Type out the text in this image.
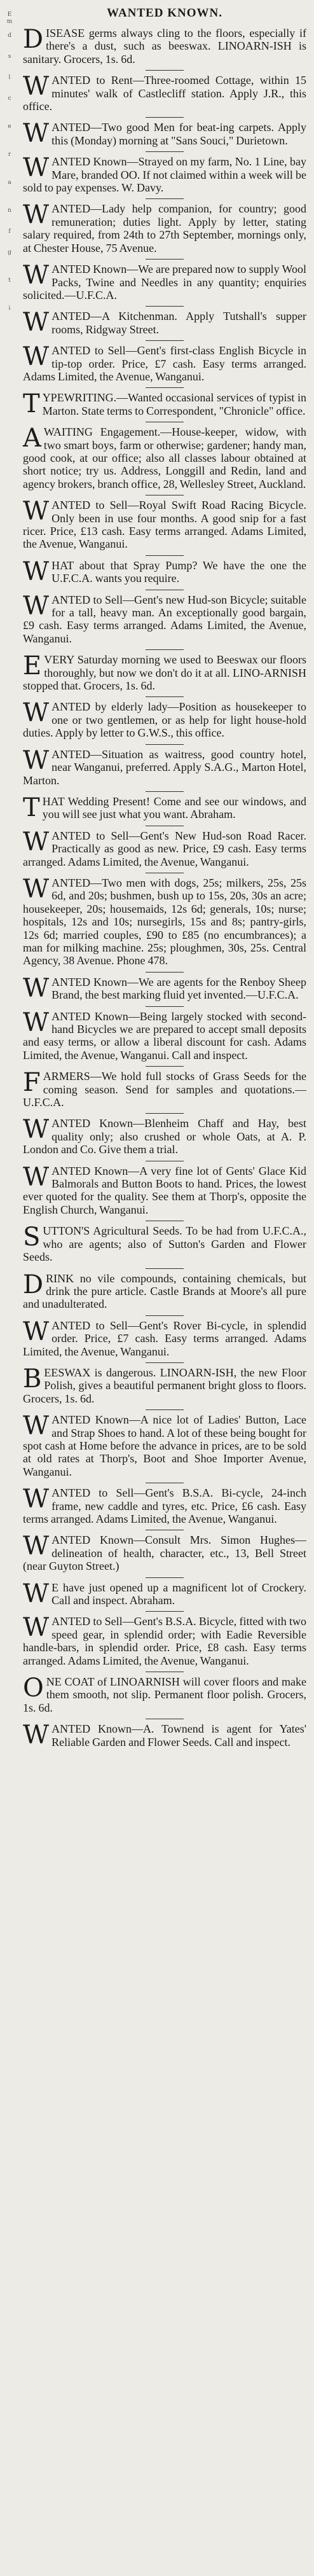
E
m

d

s

l

c

e

r

a

n

f

g

t

i
WANTED KNOWN.
DISEASE germs always cling to the floors, especially if there's a dust, such as beeswax. LINOARN-ISH is sanitary. Grocers, 1s. 6d.
WANTED to Rent—Three-roomed Cottage, within 15 minutes' walk of Castlecliff station. Apply J.R., this office.
WANTED—Two good Men for beat-ing carpets. Apply this (Monday) morning at "Sans Souci," Durietown.
WANTED Known—Strayed on my farm, No. 1 Line, bay Mare, branded OO. If not claimed within a week will be sold to pay expenses. W. Davy.
WANTED—Lady help companion, for country; good remuneration; duties light. Apply by letter, stating salary required, from 24th to 27th September, mornings only, at Chester House, 75 Avenue.
WANTED Known—We are prepared now to supply Wool Packs, Twine and Needles in any quantity; enquiries solicited.—U.F.C.A.
WANTED—A Kitchenman. Apply Tutshall's supper rooms, Ridgway Street.
WANTED to Sell—Gent's first-class English Bicycle in tip-top order. Price, £7 cash. Easy terms arranged. Adams Limited, the Avenue, Wanganui.
TYPEWRITING.—Wanted occasional services of typist in Marton. State terms to Correspondent, "Chronicle" office.
AWAITING Engagement.—House-keeper, widow, with two smart boys, farm or otherwise; gardener; handy man, good cook, at our office; also all classes labour obtained at short notice; try us. Address, Longgill and Redin, land and agency brokers, branch office, 28, Wellesley Street, Auckland.
WANTED to Sell—Royal Swift Road Racing Bicycle. Only been in use four months. A good snip for a fast ricer. Price, £13 cash. Easy terms arranged. Adams Limited, the Avenue, Wanganui.
WHAT about that Spray Pump? We have the one the U.F.C.A. wants you require.
WANTED to Sell—Gent's new Hud-son Bicycle; suitable for a tall, heavy man. An exceptionally good bargain, £9 cash. Easy terms arranged. Adams Limited, the Avenue, Wanganui.
EVERY Saturday morning we used to Beeswax our floors thoroughly, but now we don't do it at all. LINO-ARNISH stopped that. Grocers, 1s. 6d.
WANTED by elderly lady—Position as housekeeper to one or two gentlemen, or as help for light house-hold duties. Apply by letter to G.W.S., this office.
WANTED—Situation as waitress, good country hotel, near Wanganui, preferred. Apply S.A.G., Marton Hotel, Marton.
THAT Wedding Present! Come and see our windows, and you will see just what you want. Abraham.
WANTED to Sell—Gent's New Hud-son Road Racer. Practically as good as new. Price, £9 cash. Easy terms arranged. Adams Limited, the Avenue, Wanganui.
WANTED—Two men with dogs, 25s; milkers, 25s, 25s 6d, and 20s; bushmen, bush up to 15s, 20s, 30s an acre; housekeeper, 20s; housemaids, 12s 6d; generals, 10s; nurse; hospitals, 12s and 10s; nursegirls, 15s and 8s; pantry-girls, 12s 6d; married couples, £90 to £85 (no encumbrances); a man for milking machine. 25s; ploughmen, 30s, 25s. Central Agency, 38 Avenue. Phone 478.
WANTED Known—We are agents for the Renboy Sheep Brand, the best marking fluid yet invented.—U.F.C.A.
WANTED Known—Being largely stocked with second-hand Bicycles we are prepared to accept small deposits and easy terms, or allow a liberal discount for cash. Adams Limited, the Avenue, Wanganui. Call and inspect.
FARMERS—We hold full stocks of Grass Seeds for the coming season. Send for samples and quotations.—U.F.C.A.
WANTED Known—Blenheim Chaff and Hay, best quality only; also crushed or whole Oats, at A. P. London and Co. Give them a trial.
WANTED Known—A very fine lot of Gents' Glace Kid Balmorals and Button Boots to hand. Prices, the lowest ever quoted for the quality. See them at Thorp's, opposite the English Church, Wanganui.
SUTTON'S Agricultural Seeds. To be had from U.F.C.A., who are agents; also of Sutton's Garden and Flower Seeds.
DRINK no vile compounds, containing chemicals, but drink the pure article. Castle Brands at Moore's all pure and unadulterated.
WANTED to Sell—Gent's Rover Bi-cycle, in splendid order. Price, £7 cash. Easy terms arranged. Adams Limited, the Avenue, Wanganui.
BEESWAX is dangerous. LINOARN-ISH, the new Floor Polish, gives a beautiful permanent bright gloss to floors. Grocers, 1s. 6d.
WANTED Known—A nice lot of Ladies' Button, Lace and Strap Shoes to hand. A lot of these being bought for spot cash at Home before the advance in prices, are to be sold at old rates at Thorp's, Boot and Shoe Importer Avenue, Wanganui.
WANTED to Sell—Gent's B.S.A. Bi-cycle, 24-inch frame, new caddle and tyres, etc. Price, £6 cash. Easy terms arranged. Adams Limited, the Avenue, Wanganui.
WANTED Known—Consult Mrs. Simon Hughes—delineation of health, character, etc., 13, Bell Street (near Guyton Street.)
WE have just opened up a magnificent lot of Crockery. Call and inspect. Abraham.
WANTED to Sell—Gent's B.S.A. Bicycle, fitted with two speed gear, in splendid order; with Eadie Reversible handle-bars, in splendid order. Price, £8 cash. Easy terms arranged. Adams Limited, the Avenue, Wanganui.
ONE COAT of LINOARNISH will cover floors and make them smooth, not slip. Permanent floor polish. Grocers, 1s. 6d.
WANTED Known—A. Townend is agent for Yates' Reliable Garden and Flower Seeds. Call and inspect.
